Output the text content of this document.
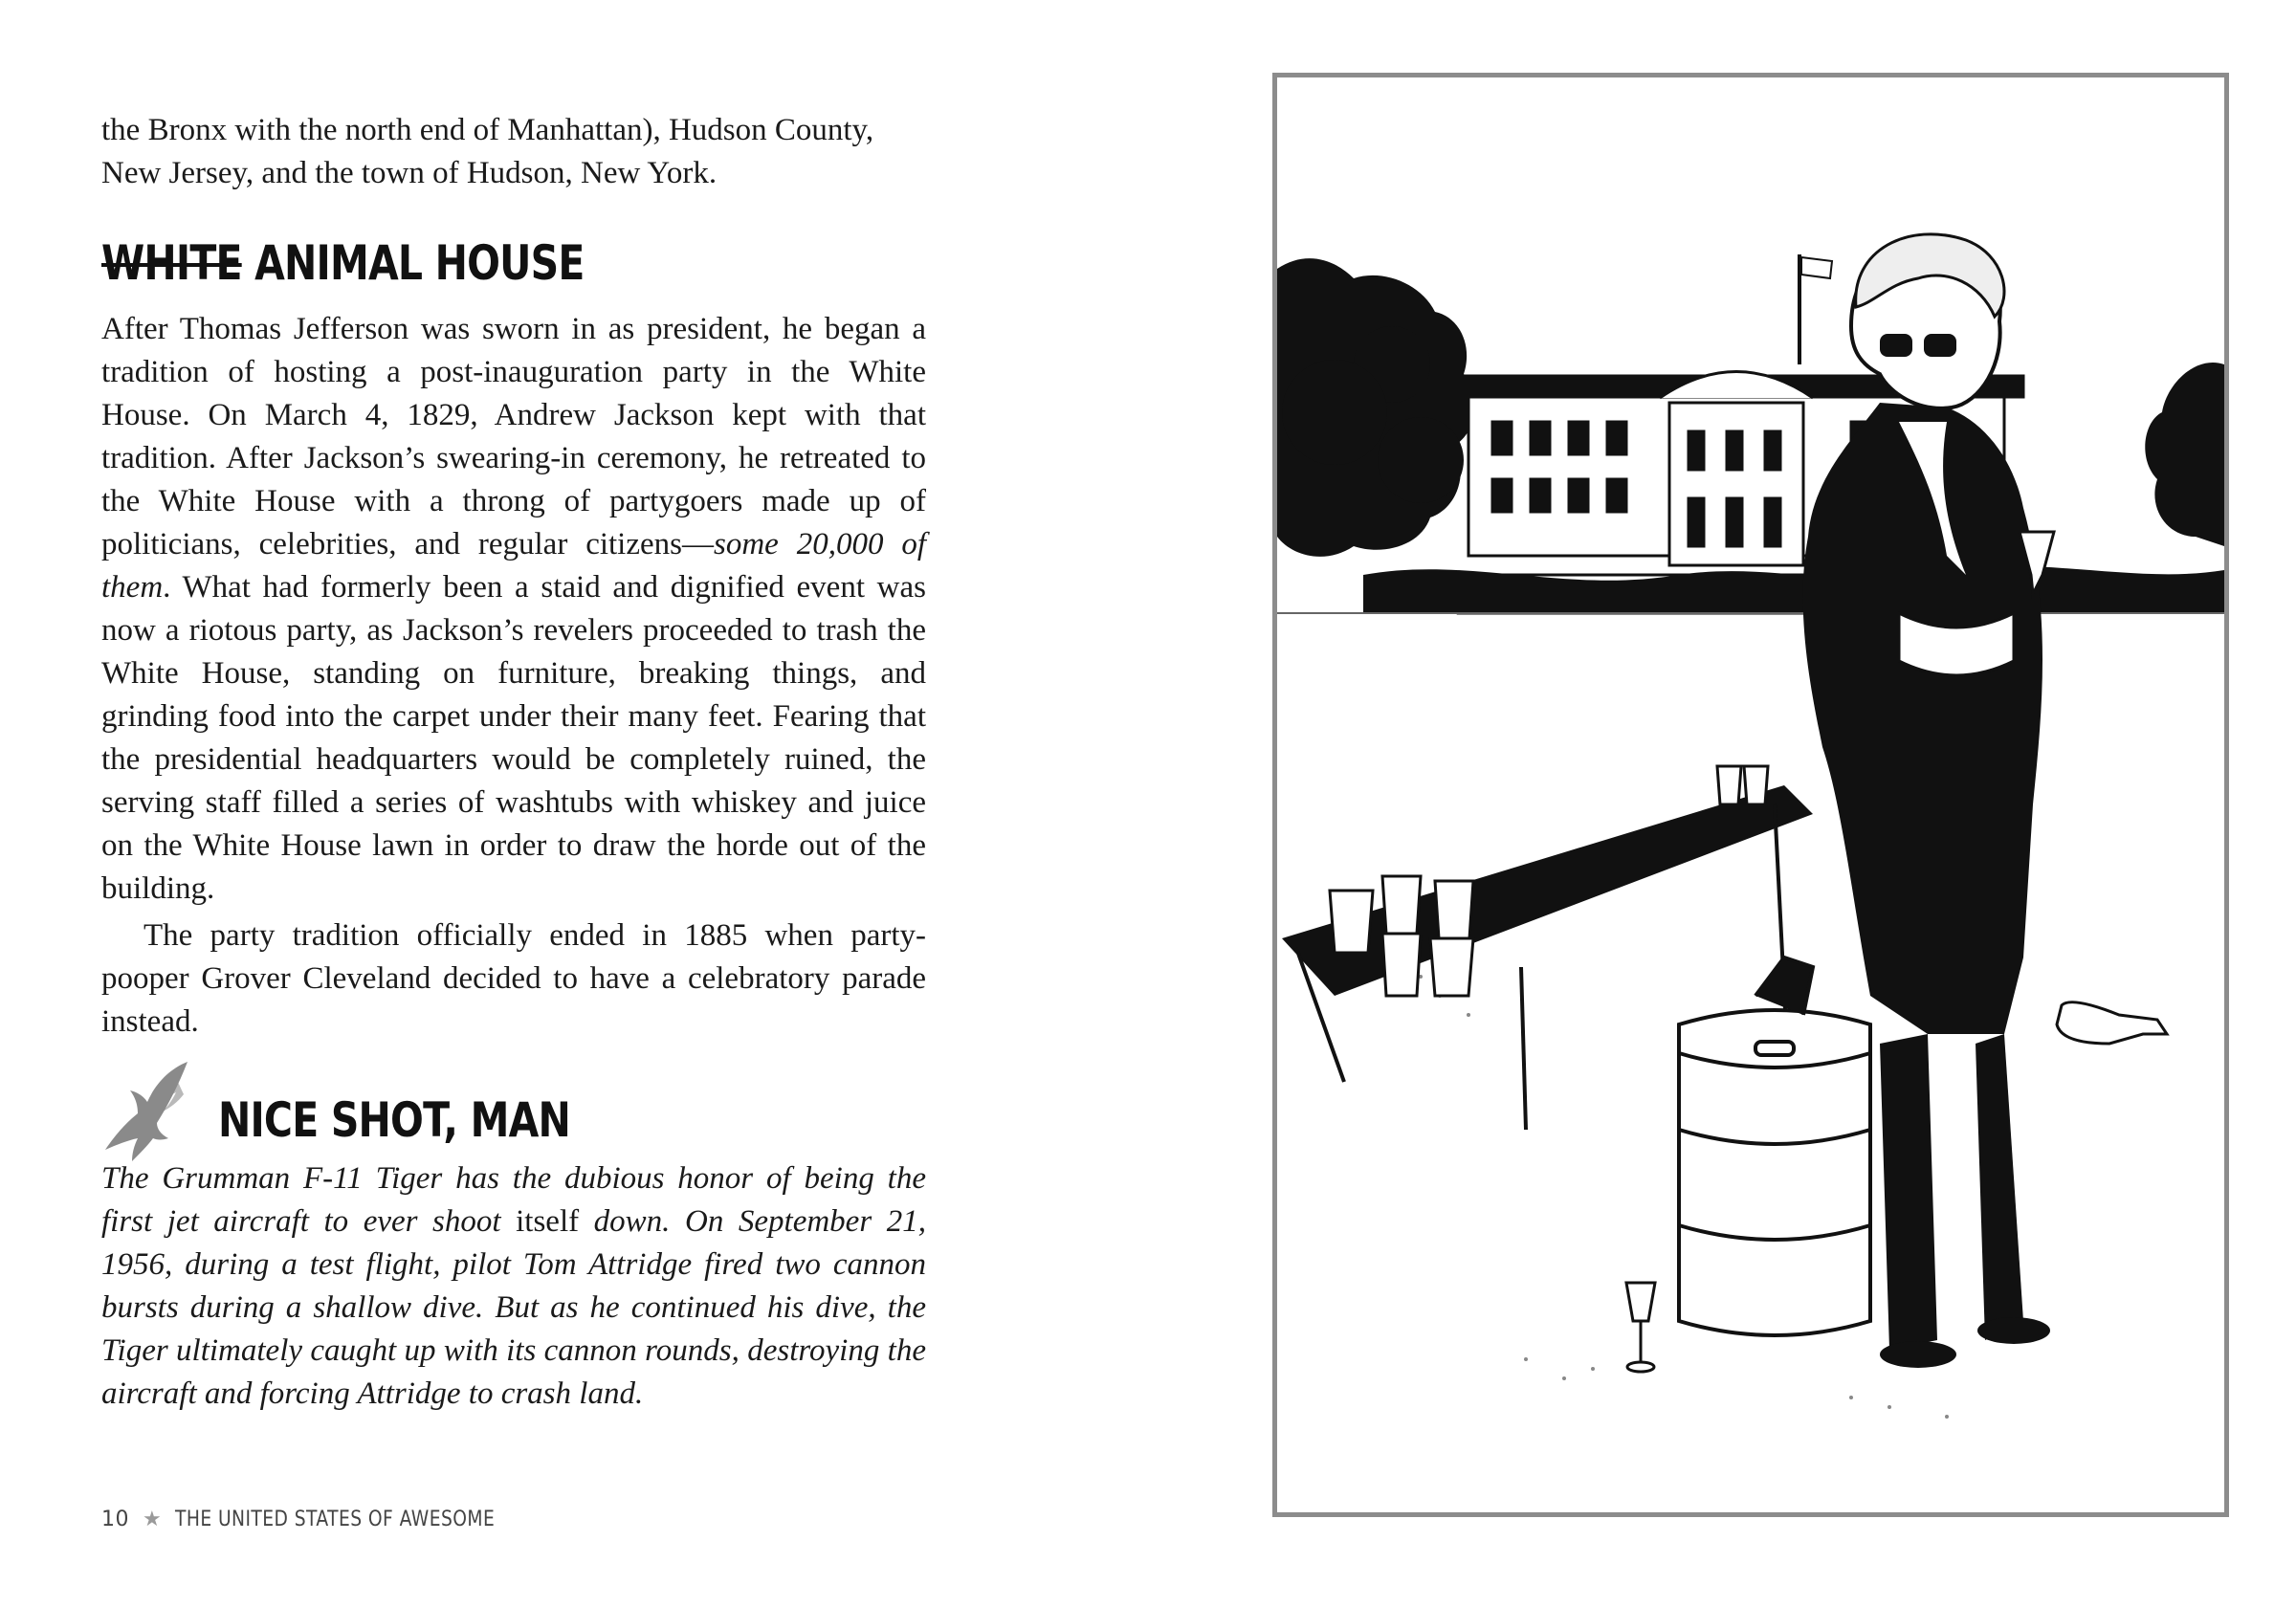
the Bronx with the north end of Manhattan), Hudson County,
New Jersey, and the town of Hudson, New York.

WHITE ANIMAL HOUSE

After Thomas Jefferson was sworn in as president, he began a tradition of hosting a post-inauguration party in the White House. On March 4, 1829, Andrew Jackson kept with that tradition. After Jackson’s swearing-in ceremony, he retreated to the White House with a throng of partygoers made up of politicians, celebrities, and regular citizens—some 20,000 of them. What had formerly been a staid and dignified event was now a riotous party, as Jackson’s revelers proceeded to trash the White House, standing on furniture, breaking things, and grinding food into the carpet under their many feet. Fearing that the presidential headquarters would be completely ruined, the serving staff filled a series of washtubs with whiskey and juice on the White House lawn in order to draw the horde out of the building.

The party tradition officially ended in 1885 when party-pooper Grover Cleveland decided to have a celebratory parade instead.

NICE SHOT, MAN

The Grumman F-11 Tiger has the dubious honor of being the first jet aircraft to ever shoot itself down. On September 21, 1956, during a test flight, pilot Tom Attridge fired two cannon bursts during a shallow dive. But as he continued his dive, the Tiger ultimately caught up with its cannon rounds, destroying the aircraft and forcing Attridge to crash land.

10 ★ THE UNITED STATES OF AWESOME
